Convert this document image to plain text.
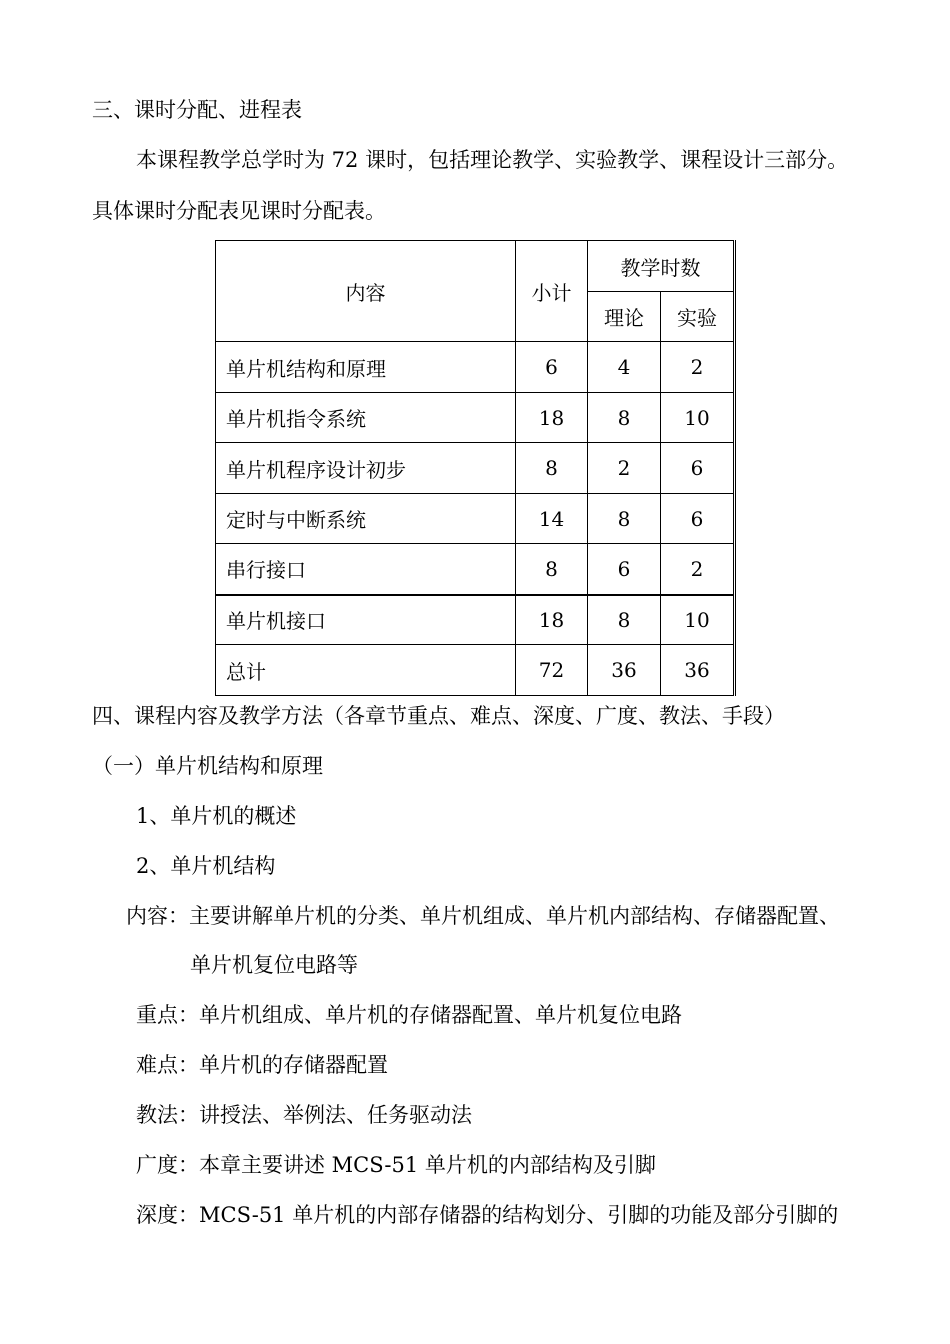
三、课时分配、进程表
本课程教学总学时为 72 课时，包括理论教学、实验教学、课程设计三部分。
具体课时分配表见课时分配表。
内容	小计	教学时数	
		理论	实验
单片机结构和原理	6	4	2
单片机指令系统	18	8	10
单片机程序设计初步	8	2	6
定时与中断系统	14	8	6
串行接口	8	6	2
单片机接口	18	8	10
总计	72	36	36
四、课程内容及教学方法（各章节重点、难点、深度、广度、教法、手段）
（一）单片机结构和原理
1、单片机的概述
2、单片机结构
内容：主要讲解单片机的分类、单片机组成、单片机内部结构、存储器配置、
单片机复位电路等
重点：单片机组成、单片机的存储器配置、单片机复位电路
难点：单片机的存储器配置
教法：讲授法、举例法、任务驱动法
广度：本章主要讲述 MCS-51 单片机的内部结构及引脚
深度：MCS-51 单片机的内部存储器的结构划分、引脚的功能及部分引脚的
